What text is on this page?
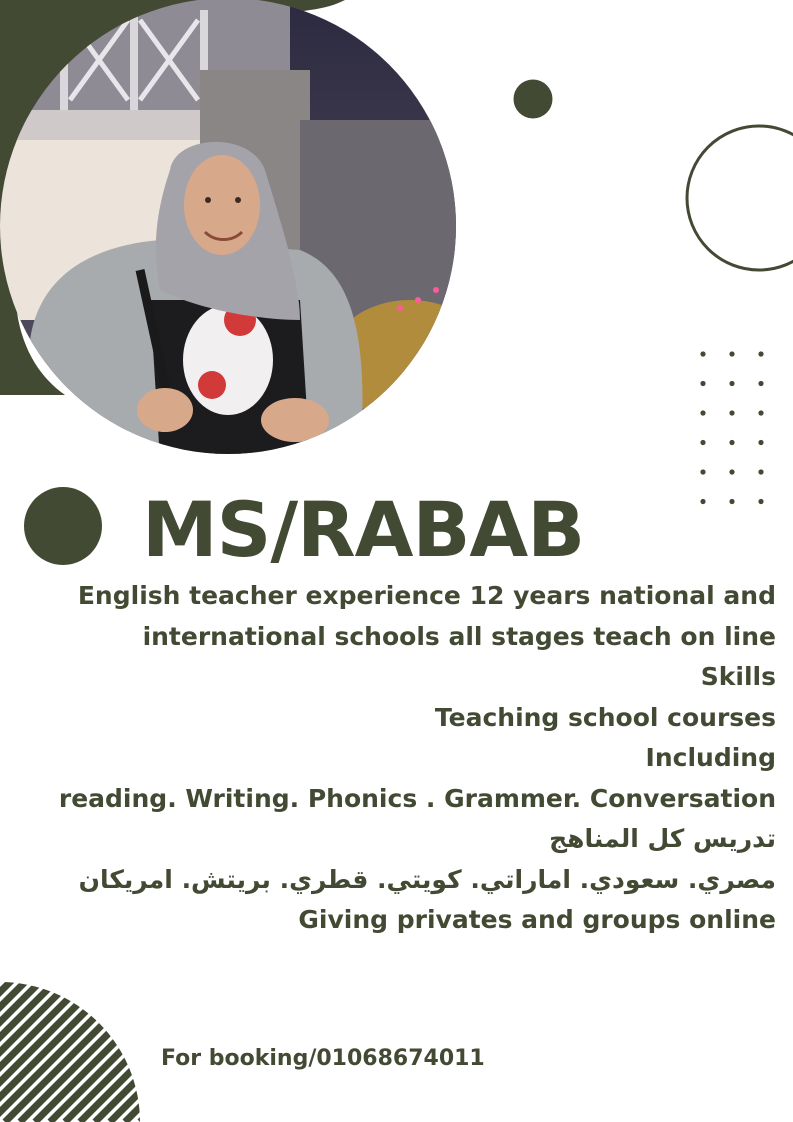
MS/RABAB
English teacher experience 12 years national and
international schools all stages teach on line
Skills
Teaching school courses
Including
reading. Writing. Phonics . Grammer. Conversation
تدريس كل المناهج
مصري. سعودي. اماراتي. كويتي. قطري. بريتش. امريكان
Giving privates and groups online

For booking/01068674011
